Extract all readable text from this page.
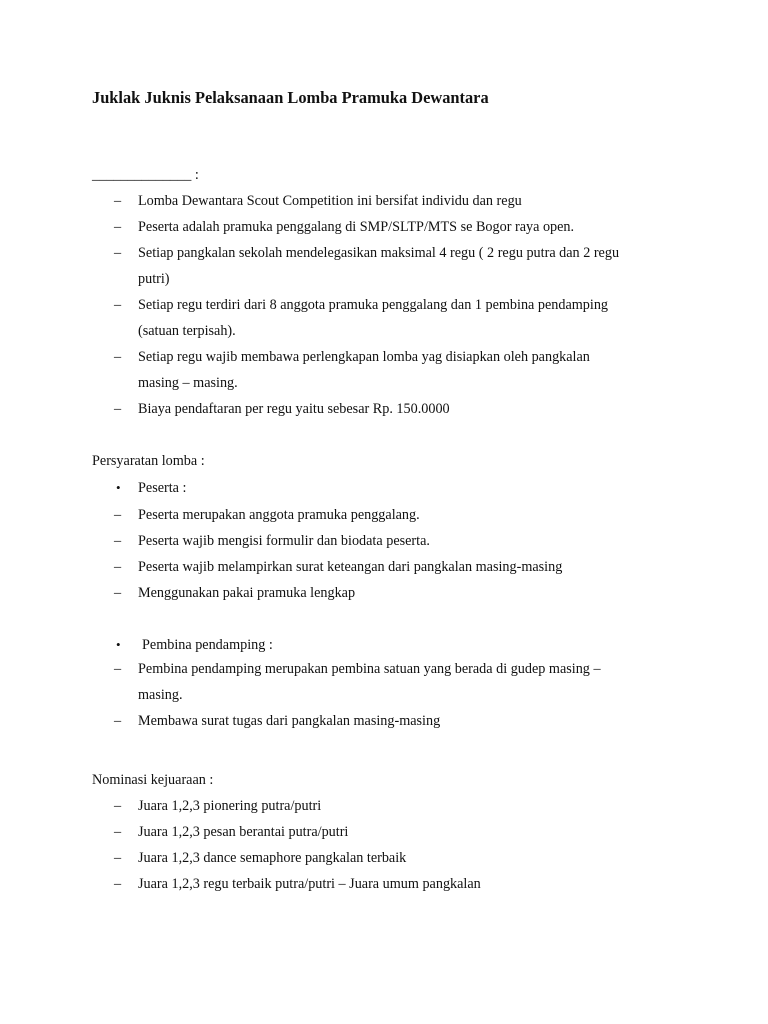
Juklak Juknis Pelaksanaan Lomba Pramuka Dewantara
______________ :
– Lomba Dewantara Scout Competition ini bersifat individu dan regu
– Peserta adalah pramuka penggalang di SMP/SLTP/MTS se Bogor raya open.
– Setiap pangkalan sekolah mendelegasikan maksimal 4 regu ( 2 regu putra dan 2 regu
putri)
– Setiap regu terdiri dari 8 anggota pramuka penggalang dan 1 pembina pendamping
(satuan terpisah).
– Setiap regu wajib membawa perlengkapan lomba yag disiapkan oleh pangkalan
masing – masing.
– Biaya pendaftaran per regu yaitu sebesar Rp. 150.0000
Persyaratan lomba :
• Peserta :
– Peserta merupakan anggota pramuka penggalang.
– Peserta wajib mengisi formulir dan biodata peserta.
– Peserta wajib melampirkan surat keteangan dari pangkalan masing-masing
– Menggunakan pakai pramuka lengkap
• Pembina pendamping :
– Pembina pendamping merupakan pembina satuan yang berada di gudep masing –
masing.
– Membawa surat tugas dari pangkalan masing-masing
Nominasi kejuaraan :
– Juara 1,2,3 pionering putra/putri
– Juara 1,2,3 pesan berantai putra/putri
– Juara 1,2,3 dance semaphore pangkalan terbaik
– Juara 1,2,3 regu terbaik putra/putri – Juara umum pangkalan
